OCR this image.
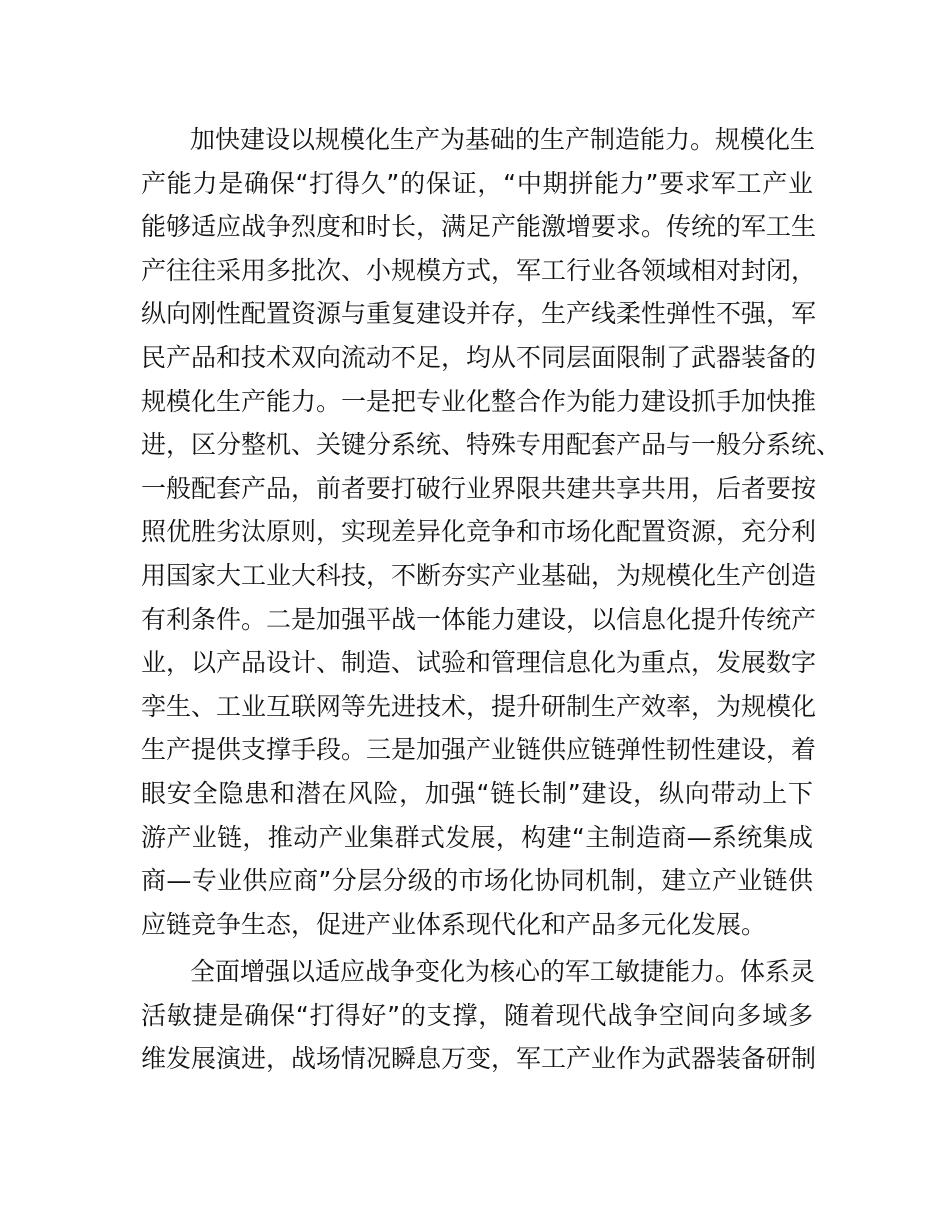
加快建设以规模化生产为基础的生产制造能力。规模化生
产能力是确保“打得久”的保证，“中期拼能力”要求军工产业
能够适应战争烈度和时长，满足产能激增要求。传统的军工生
产往往采用多批次、小规模方式，军工行业各领域相对封闭，
纵向刚性配置资源与重复建设并存，生产线柔性弹性不强，军
民产品和技术双向流动不足，均从不同层面限制了武器装备的
规模化生产能力。一是把专业化整合作为能力建设抓手加快推
进，区分整机、关键分系统、特殊专用配套产品与一般分系统、
一般配套产品，前者要打破行业界限共建共享共用，后者要按
照优胜劣汰原则，实现差异化竞争和市场化配置资源，充分利
用国家大工业大科技，不断夯实产业基础，为规模化生产创造
有利条件。二是加强平战一体能力建设，以信息化提升传统产
业，以产品设计、制造、试验和管理信息化为重点，发展数字
孪生、工业互联网等先进技术，提升研制生产效率，为规模化
生产提供支撑手段。三是加强产业链供应链弹性韧性建设，着
眼安全隐患和潜在风险，加强“链长制”建设，纵向带动上下
游产业链，推动产业集群式发展，构建“主制造商—系统集成
商—专业供应商”分层分级的市场化协同机制，建立产业链供
应链竞争生态，促进产业体系现代化和产品多元化发展。
全面增强以适应战争变化为核心的军工敏捷能力。体系灵
活敏捷是确保“打得好”的支撑，随着现代战争空间向多域多
维发展演进，战场情况瞬息万变，军工产业作为武器装备研制
